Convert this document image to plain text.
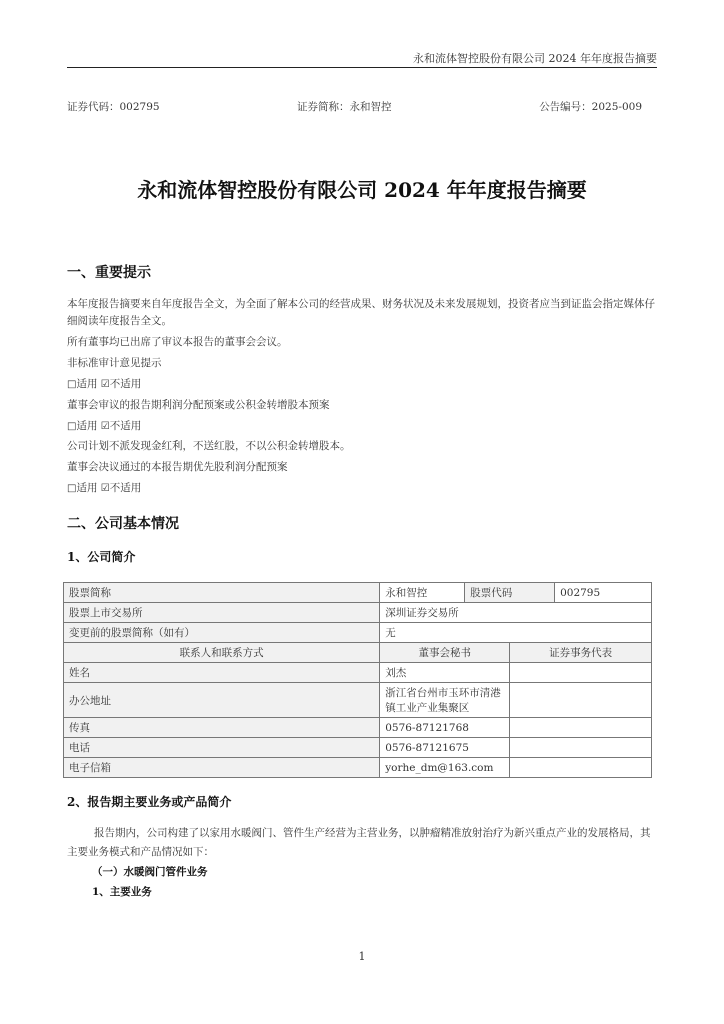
永和流体智控股份有限公司 2024 年年度报告摘要
证券代码：002795	证券简称：永和智控	公告编号：2025-009
永和流体智控股份有限公司 2024 年年度报告摘要
一、重要提示
本年度报告摘要来自年度报告全文，为全面了解本公司的经营成果、财务状况及未来发展规划，投资者应当到证监会指定媒体仔细阅读年度报告全文。
所有董事均已出席了审议本报告的董事会会议。
非标准审计意见提示
□适用 ☑不适用
董事会审议的报告期利润分配预案或公积金转增股本预案
□适用 ☑不适用
公司计划不派发现金红利，不送红股，不以公积金转增股本。
董事会决议通过的本报告期优先股利润分配预案
□适用 ☑不适用
二、公司基本情况
1、公司简介
股票简称	永和智控	股票代码		002795
股票上市交易所	深圳证券交易所			
变更前的股票简称（如有）	无			
联系人和联系方式	董事会秘书		证券事务代表	
姓名	刘杰			
办公地址	浙江省台州市玉环市清港
镇工业产业集聚区			

传真	0576-87121768			
电话	0576-87121675			
电子信箱	yorhe_dm@163.com			
2、报告期主要业务或产品简介
报告期内，公司构建了以家用水暖阀门、管件生产经营为主营业务，以肿瘤精准放射治疗为新兴重点产业的发展格局，其主要业务模式和产品情况如下：
（一）水暖阀门管件业务
1、主要业务
1
